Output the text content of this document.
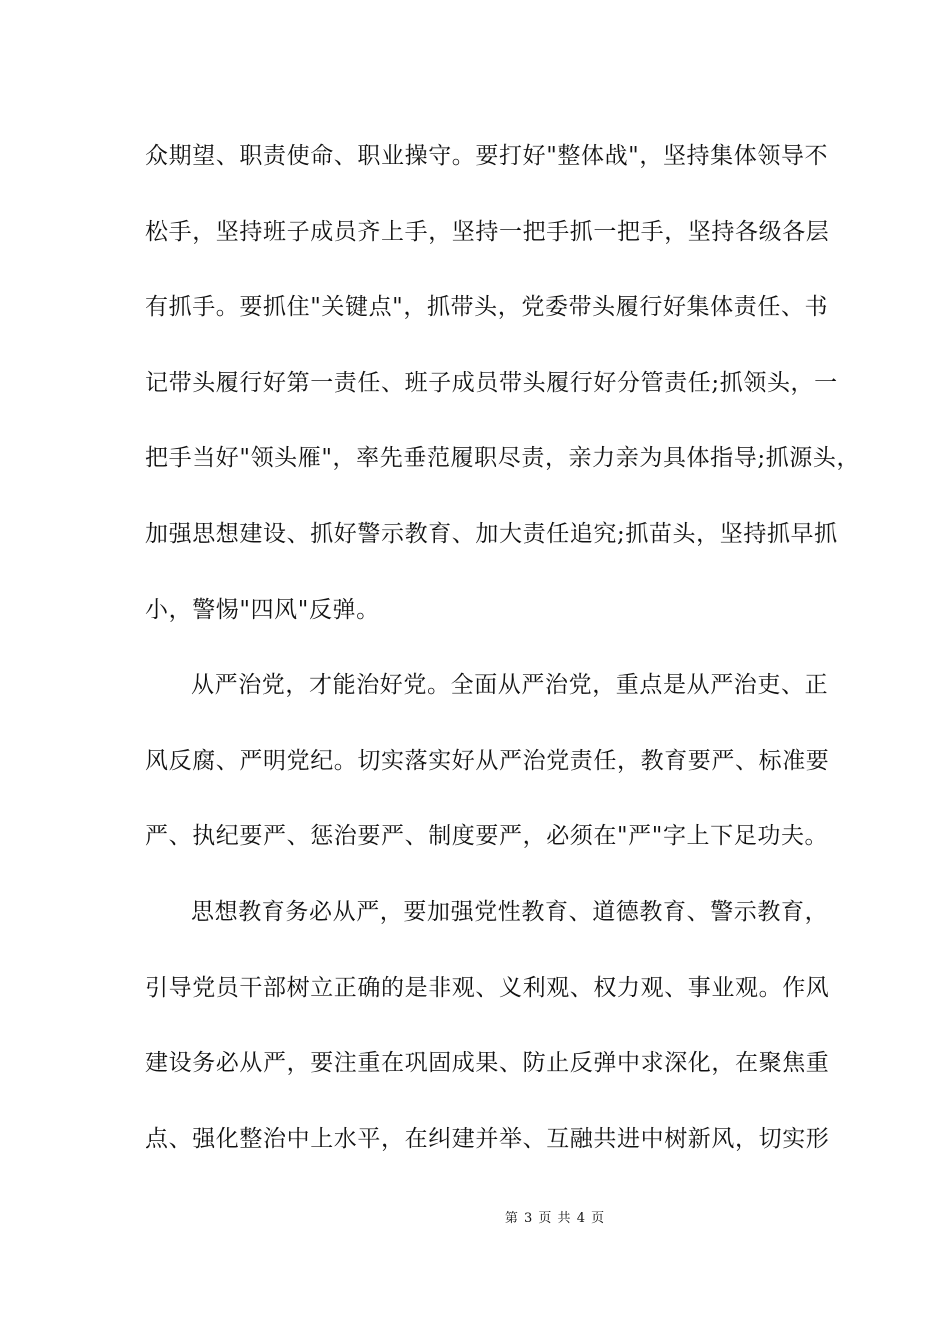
众期望、职责使命、职业操守。要打好"整体战"，坚持集体领导不
松手，坚持班子成员齐上手，坚持一把手抓一把手，坚持各级各层
有抓手。要抓住"关键点"，抓带头，党委带头履行好集体责任、书
记带头履行好第一责任、班子成员带头履行好分管责任;抓领头，一
把手当好"领头雁"，率先垂范履职尽责，亲力亲为具体指导;抓源头，
加强思想建设、抓好警示教育、加大责任追究;抓苗头，坚持抓早抓
小，警惕"四风"反弹。
从严治党，才能治好党。全面从严治党，重点是从严治吏、正
风反腐、严明党纪。切实落实好从严治党责任，教育要严、标准要
严、执纪要严、惩治要严、制度要严，必须在"严"字上下足功夫。
思想教育务必从严，要加强党性教育、道德教育、警示教育，
引导党员干部树立正确的是非观、义利观、权力观、事业观。作风
建设务必从严，要注重在巩固成果、防止反弹中求深化，在聚焦重
点、强化整治中上水平，在纠建并举、互融共进中树新风，切实形
第 3 页 共 4 页
